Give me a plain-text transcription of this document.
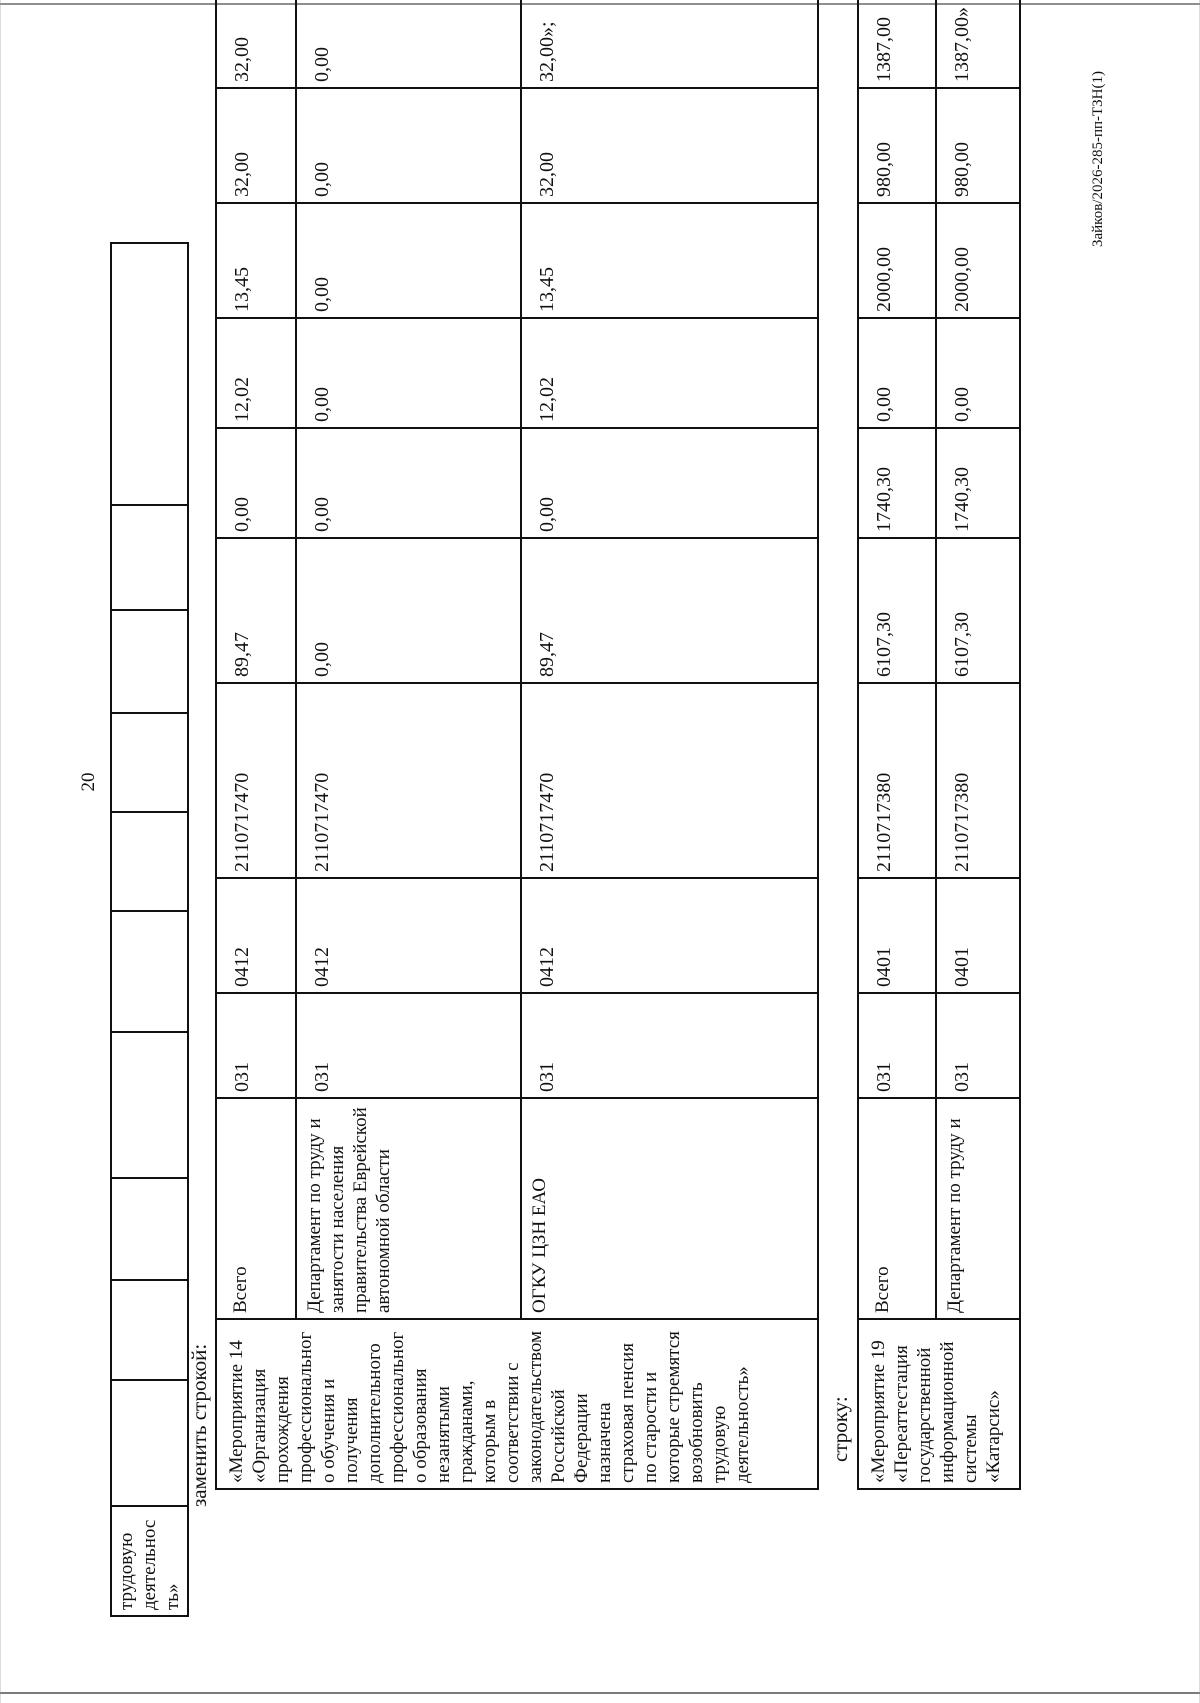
20
трудовую деятельность»										
заменить строкой: «Мероприятие 14 «Организация прохождения профессионального обучения и получения дополнительного профессионального образования незанятыми гражданами, которым в соответствии с законодательством Российской Федерации назначена страховая пенсия по старости и которые стремятся возобновить трудовую деятельность»	Всего	031	0412	2110717470	89,47	0,00	12,02	13,45	32,00	32,00
	Департамент по труду и занятости населения правительства Еврейской автономной области	031	0412	2110717470	0,00	0,00	0,00	0,00	0,00	0,00
	ОГКУ ЦЗН ЕАО	031	0412	2110717470	89,47	0,00	12,02	13,45	32,00	32,00»;
строку: «Мероприятие 19 «Переаттестация государственной информационной системы «Катарсис»	Всего	031	0401	2110717380	6107,30	1740,30	0,00	2000,00	980,00	1387,00
	Департамент по труду и	031	0401	2110717380	6107,30	1740,30	0,00	2000,00	980,00	1387,00»
Зайков/2026-285-пп-ТЗН(1)
